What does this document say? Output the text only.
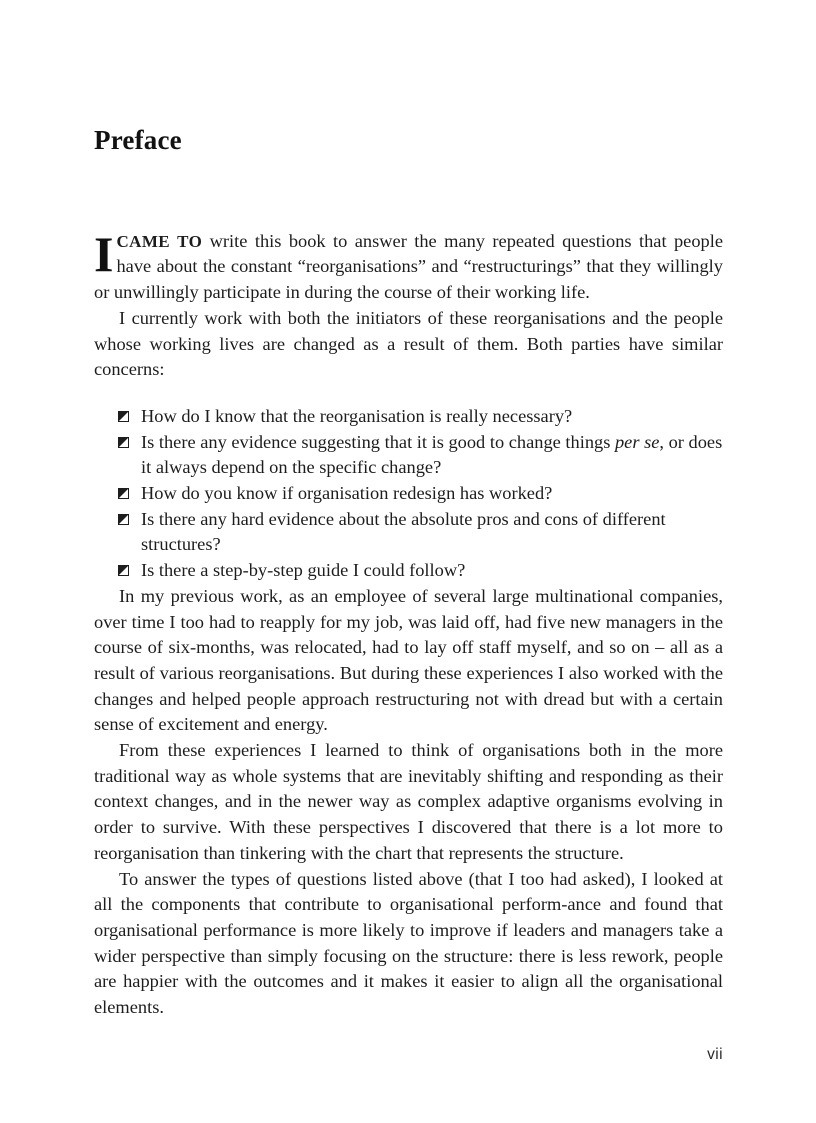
Preface

ICAME TO write this book to answer the many repeated questions that people have about the constant “reorganisations” and “restructurings” that they willingly or unwillingly participate in during the course of their working life.

I currently work with both the initiators of these reorganisations and the people whose working lives are changed as a result of them. Both parties have similar concerns:

How do I know that the reorganisation is really necessary?
Is there any evidence suggesting that it is good to change things per se, or does it always depend on the specific change?
How do you know if organisation redesign has worked?
Is there any hard evidence about the absolute pros and cons of different structures?
Is there a step-by-step guide I could follow?

In my previous work, as an employee of several large multinational companies, over time I too had to reapply for my job, was laid off, had five new managers in the course of six-months, was relocated, had to lay off staff myself, and so on – all as a result of various reorganisations. But during these experiences I also worked with the changes and helped people approach restructuring not with dread but with a certain sense of excitement and energy.

From these experiences I learned to think of organisations both in the more traditional way as whole systems that are inevitably shifting and responding as their context changes, and in the newer way as complex adaptive organisms evolving in order to survive. With these perspectives I discovered that there is a lot more to reorganisation than tinkering with the chart that represents the structure.

To answer the types of questions listed above (that I too had asked), I looked at all the components that contribute to organisational perform-ance and found that organisational performance is more likely to improve if leaders and managers take a wider perspective than simply focusing on the structure: there is less rework, people are happier with the outcomes and it makes it easier to align all the organisational elements.

vii
